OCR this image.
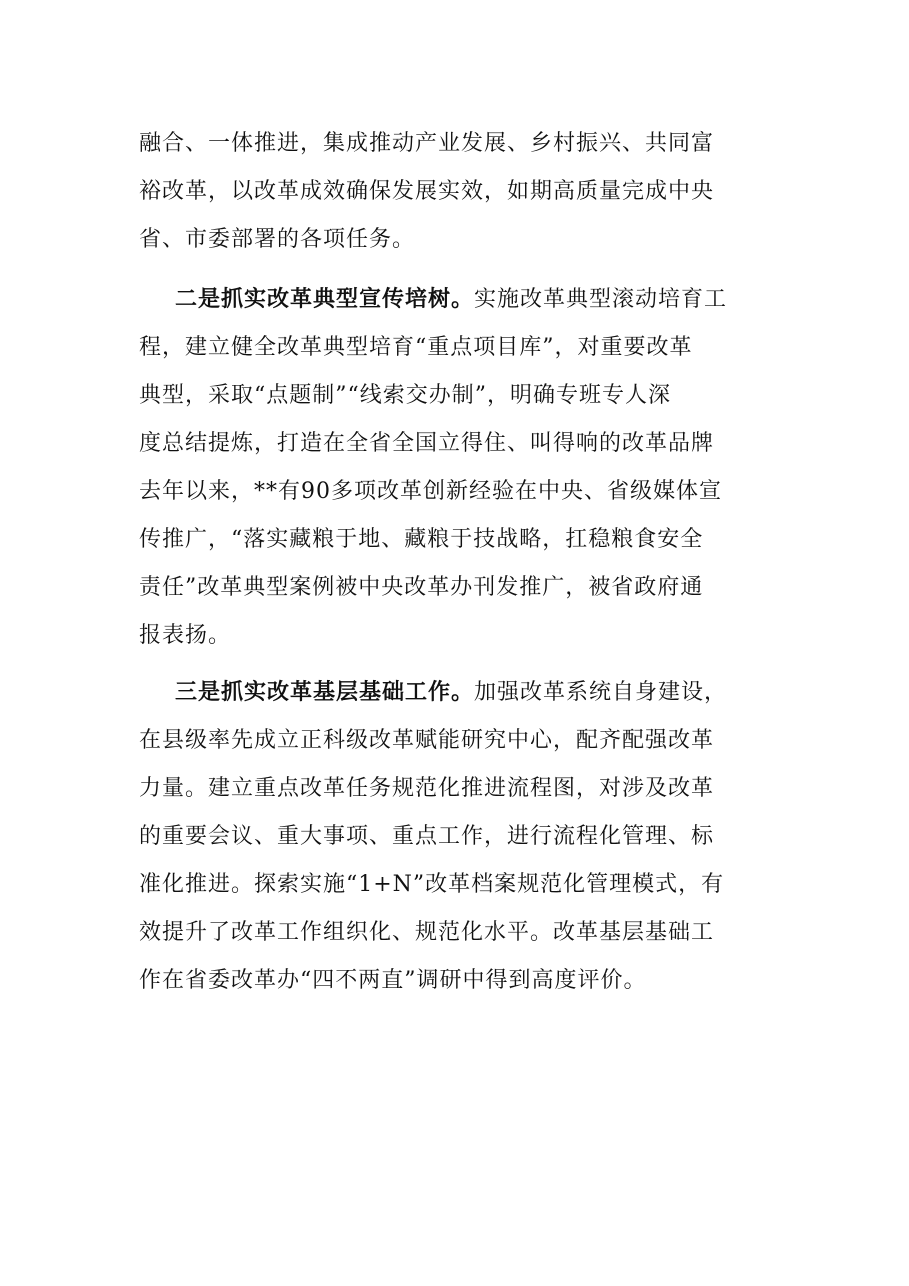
融合、一体推进，集成推动产业发展、乡村振兴、共同富
裕改革，以改革成效确保发展实效，如期高质量完成中央
省、市委部署的各项任务。
二是抓实改革典型宣传培树。实施改革典型滚动培育工
程，建立健全改革典型培育“重点项目库”，对重要改革
典型，采取“点题制”“线索交办制”，明确专班专人深
度总结提炼，打造在全省全国立得住、叫得响的改革品牌
去年以来，**有90多项改革创新经验在中央、省级媒体宣
传推广，“落实藏粮于地、藏粮于技战略，扛稳粮食安全
责任”改革典型案例被中央改革办刊发推广，被省政府通
报表扬。
三是抓实改革基层基础工作。加强改革系统自身建设，
在县级率先成立正科级改革赋能研究中心，配齐配强改革
力量。建立重点改革任务规范化推进流程图，对涉及改革
的重要会议、重大事项、重点工作，进行流程化管理、标
准化推进。探索实施“1+N”改革档案规范化管理模式，有
效提升了改革工作组织化、规范化水平。改革基层基础工
作在省委改革办“四不两直”调研中得到高度评价。
